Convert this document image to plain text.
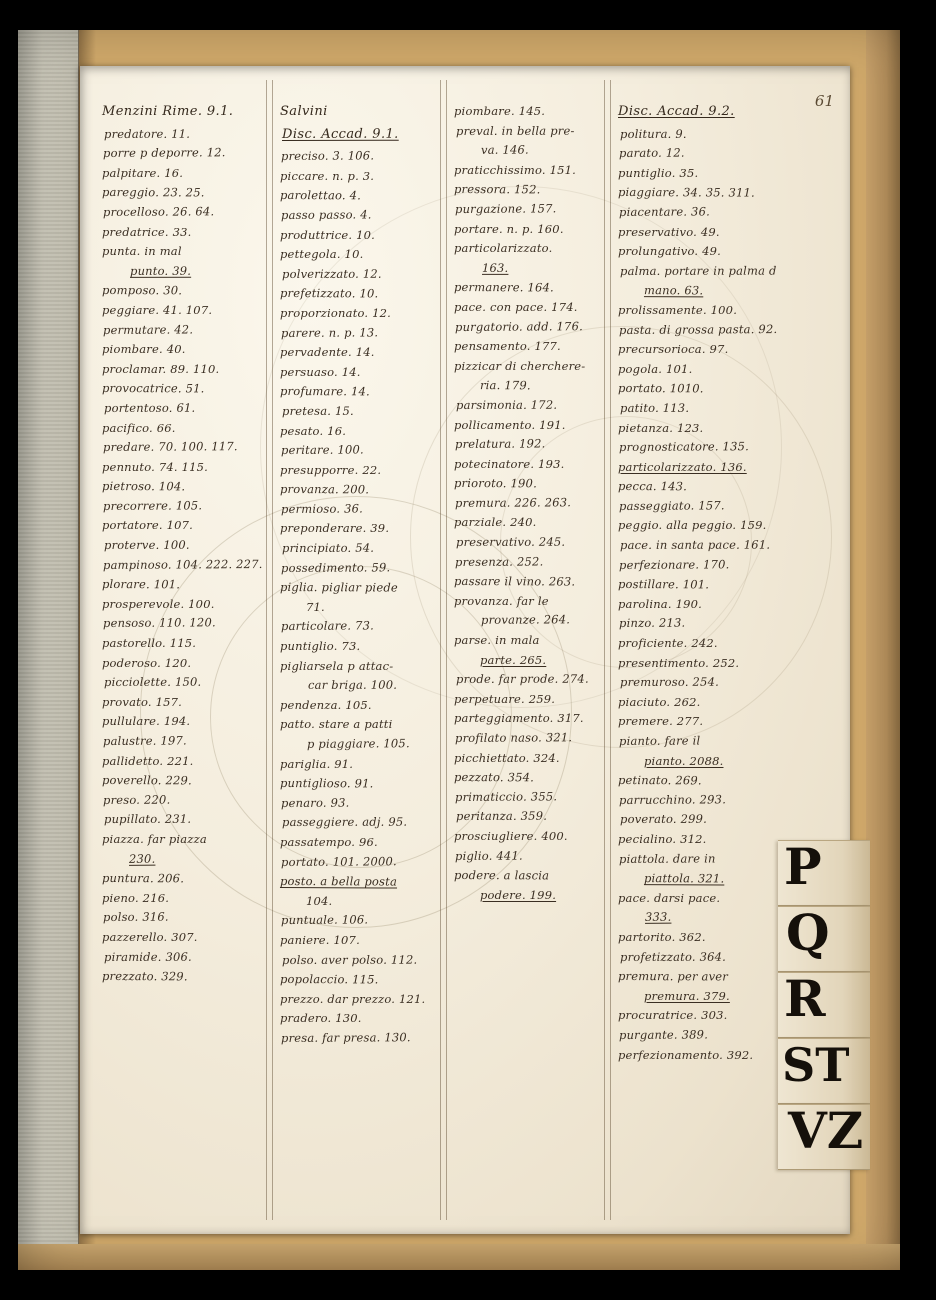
61
Menzini Rime. 9.1.
predatore. 11.
porre p deporre. 12.
palpitare. 16.
pareggio. 23. 25.
procelloso. 26. 64.
predatrice. 33.
punta. in mal
punto. 39.
pomposo. 30.
peggiare. 41. 107.
permutare. 42.
piombare. 40.
proclamar. 89. 110.
provocatrice. 51.
portentoso. 61.
pacifico. 66.
predare. 70. 100. 117.
pennuto. 74. 115.
pietroso. 104.
precorrere. 105.
portatore. 107.
proterve. 100.
pampinoso. 104. 222. 227.
plorare. 101.
prosperevole. 100.
pensoso. 110. 120.
pastorello. 115.
poderoso. 120.
picciolette. 150.
provato. 157.
pullulare. 194.
palustre. 197.
pallidetto. 221.
poverello. 229.
preso. 220.
pupillato. 231.
piazza. far piazza
230.
puntura. 206.
pieno. 216.
polso. 316.
pazzerello. 307.
piramide. 306.
prezzato. 329.
Salvini
Disc. Accad. 9.1.
preciso. 3. 106.
piccare. n. p. 3.
parolettao. 4.
passo passo. 4.
produttrice. 10.
pettegola. 10.
polverizzato. 12.
prefetizzato. 10.
proporzionato. 12.
parere. n. p. 13.
pervadente. 14.
persuaso. 14.
profumare. 14.
pretesa. 15.
pesato. 16.
peritare. 100.
presupporre. 22.
provanza. 200.
permioso. 36.
preponderare. 39.
principiato. 54.
possedimento. 59.
piglia. pigliar piede
71.
particolare. 73.
puntiglio. 73.
pigliarsela p attac-
car briga. 100.
pendenza. 105.
patto. stare a patti
p piaggiare. 105.
pariglia. 91.
puntiglioso. 91.
penaro. 93.
passeggiere. adj. 95.
passatempo. 96.
portato. 101. 2000.
posto. a bella posta
104.
puntuale. 106.
paniere. 107.
polso. aver polso. 112.
popolaccio. 115.
prezzo. dar prezzo. 121.
pradero. 130.
presa. far presa. 130.
piombare. 145.
preval. in bella pre-
va. 146.
praticchissimo. 151.
pressora. 152.
purgazione. 157.
portare. n. p. 160.
particolarizzato.
163.
permanere. 164.
pace. con pace. 174.
purgatorio. add. 176.
pensamento. 177.
pizzicar di cherchere-
ria. 179.
parsimonia. 172.
pollicamento. 191.
prelatura. 192.
potecinatore. 193.
prioroto. 190.
premura. 226. 263.
parziale. 240.
preservativo. 245.
presenza. 252.
passare il vino. 263.
provanza. far le
provanze. 264.
parse. in mala
parte. 265.
prode. far prode. 274.
perpetuare. 259.
parteggiamento. 317.
profilato naso. 321.
picchiettato. 324.
pezzato. 354.
primaticcio. 355.
peritanza. 359.
prosciugliere. 400.
piglio. 441.
podere. a lascia
podere. 199.
Disc. Accad. 9.2.
politura. 9.
parato. 12.
puntiglio. 35.
piaggiare. 34. 35. 311.
piacentare. 36.
preservativo. 49.
prolungativo. 49.
palma. portare in palma d
mano. 63.
prolissamente. 100.
pasta. di grossa pasta. 92.
precursorioca. 97.
pogola. 101.
portato. 1010.
patito. 113.
pietanza. 123.
prognosticatore. 135.
particolarizzato. 136.
pecca. 143.
passeggiato. 157.
peggio. alla peggio. 159.
pace. in santa pace. 161.
perfezionare. 170.
postillare. 101.
parolina. 190.
pinzo. 213.
proficiente. 242.
presentimento. 252.
premuroso. 254.
piaciuto. 262.
premere. 277.
pianto. fare il
pianto. 2088.
petinato. 269.
parrucchino. 293.
poverato. 299.
pecialino. 312.
piattola. dare in
piattola. 321.
pace. darsi pace.
333.
partorito. 362.
profetizzato. 364.
premura. per aver
premura. 379.
procuratrice. 303.
purgante. 389.
perfezionamento. 392.
P
Q
R
ST
VZ
